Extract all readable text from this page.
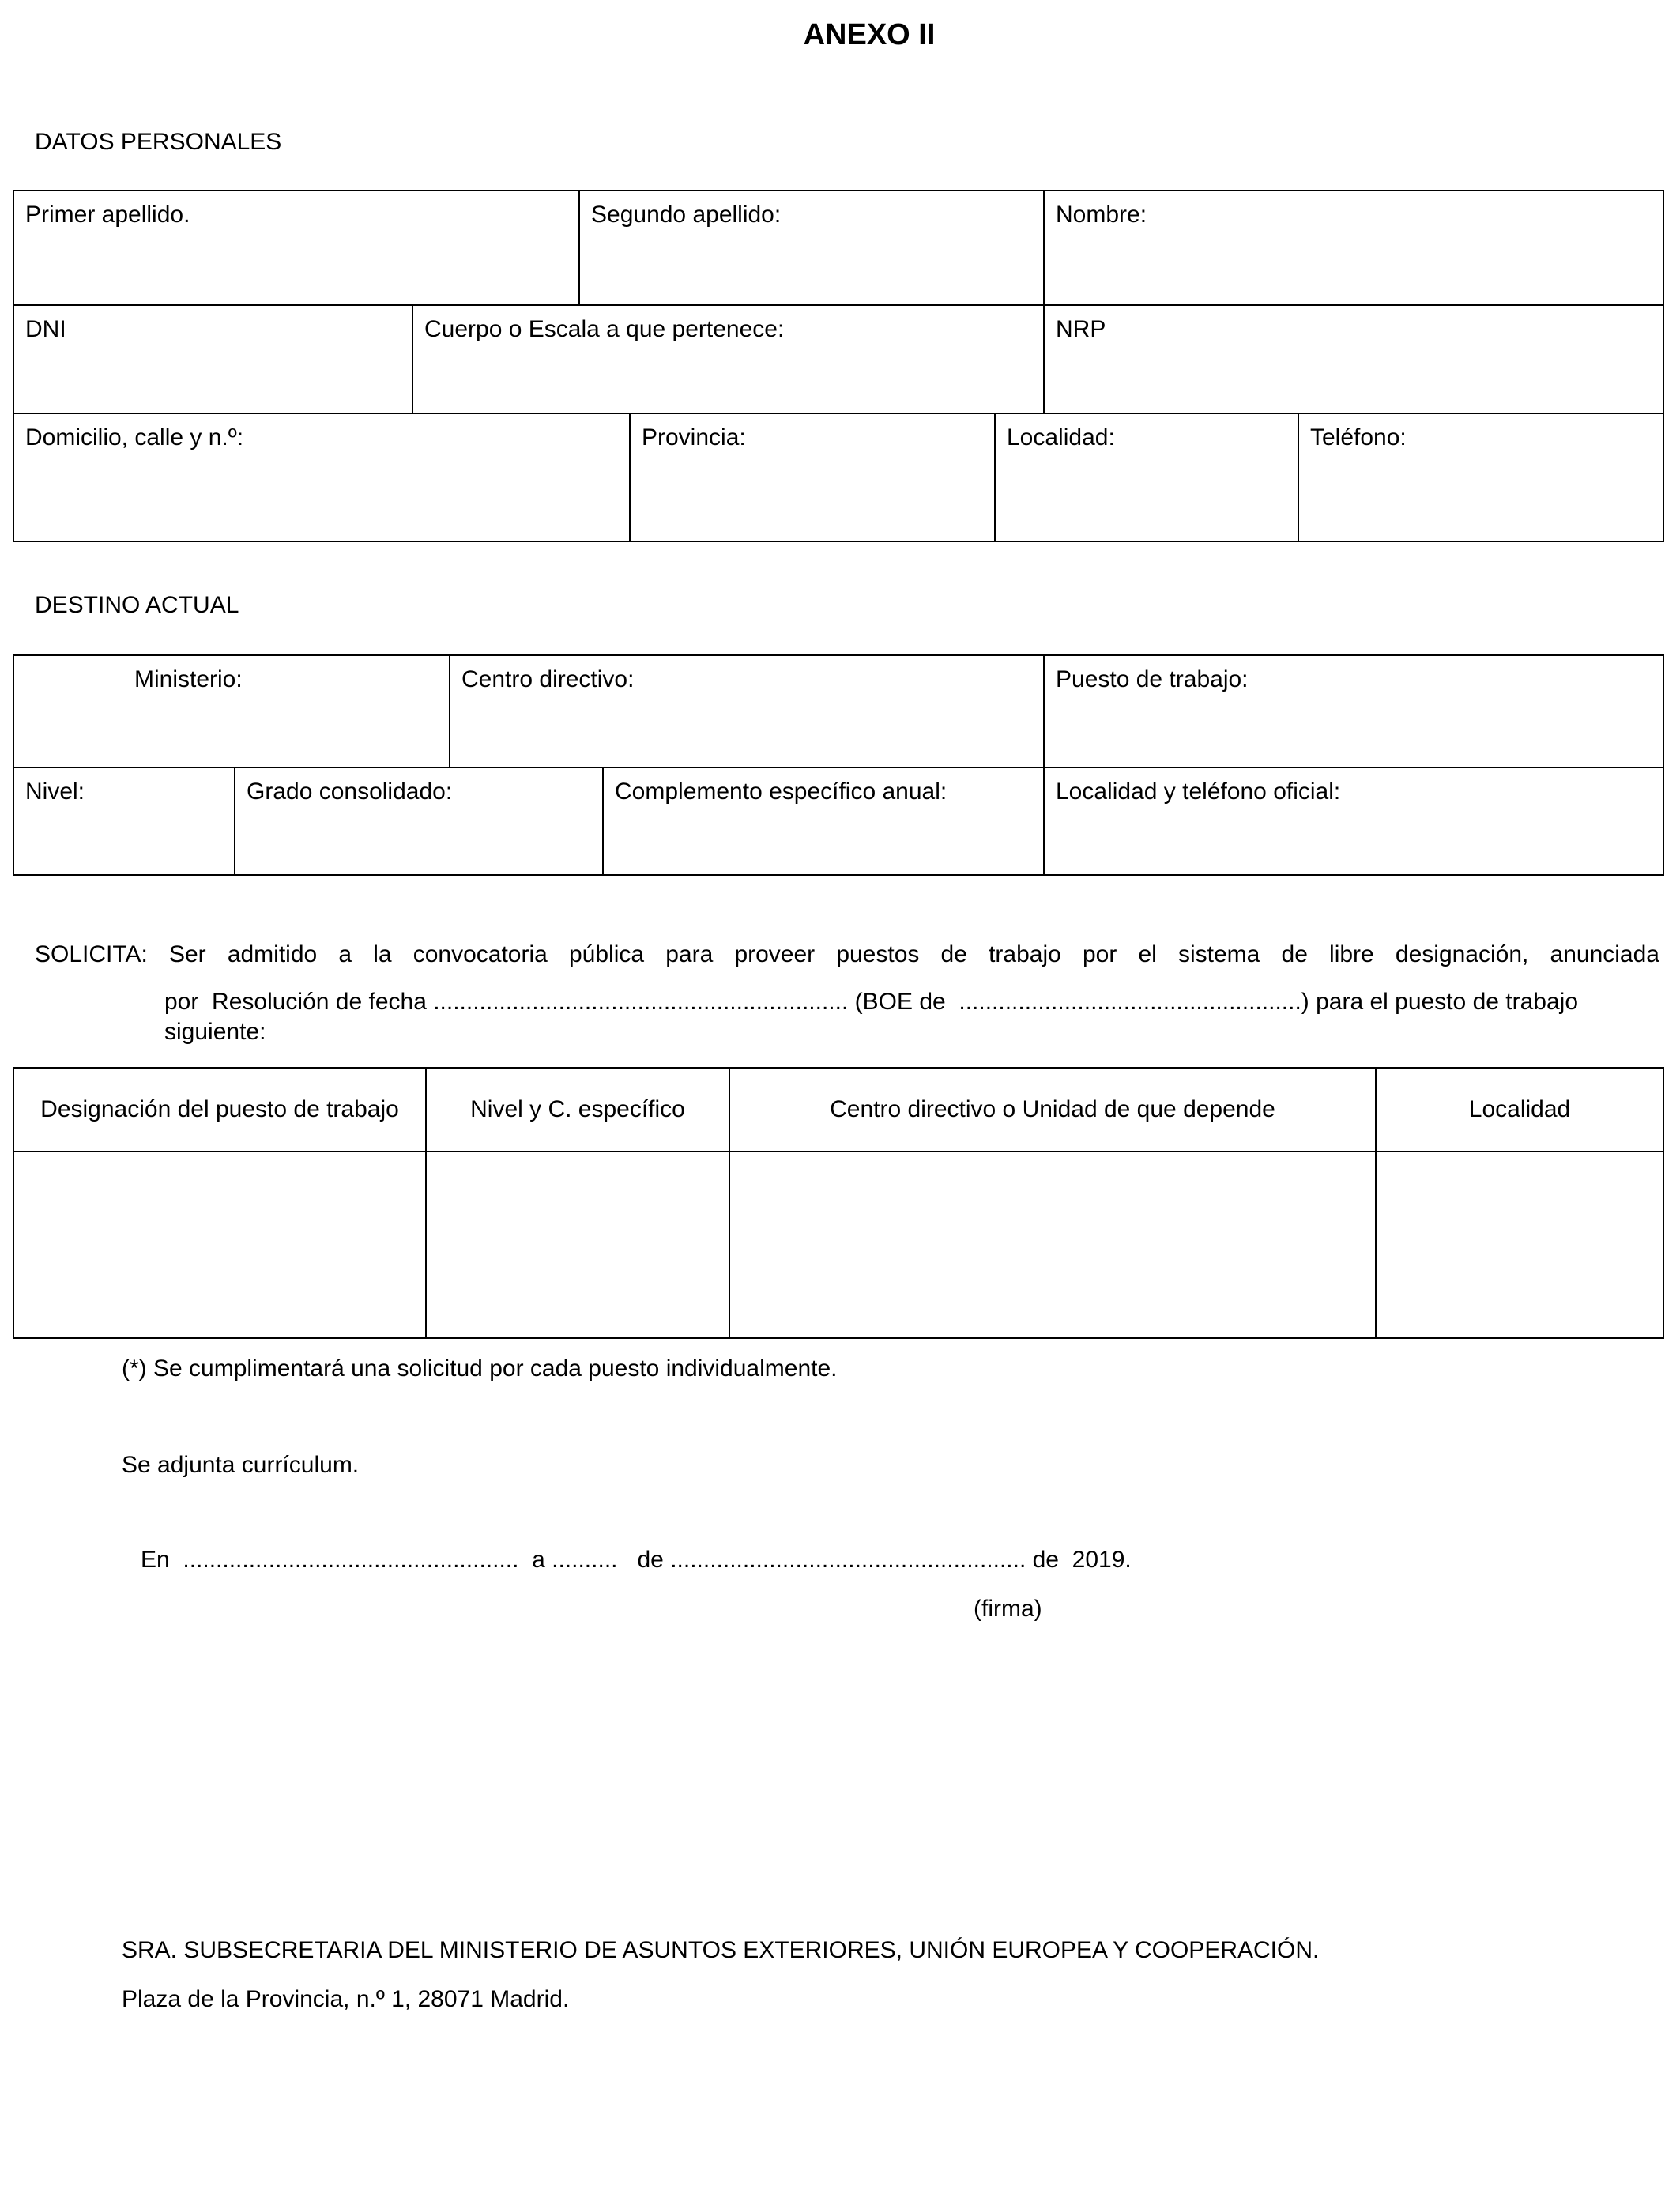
ANEXO II
DATOS PERSONALES
Primer apellido.	Segundo apellido:	Nombre:
DNI	Cuerpo o Escala a que pertenece:	NRP
Domicilio, calle y n.º:	Provincia:	Localidad:	Teléfono:
DESTINO ACTUAL
Ministerio:	Centro directivo:	Puesto de trabajo:
Nivel:	Grado consolidado:	Complemento específico anual:	Localidad y teléfono oficial:
SOLICITA: Ser admitido a la convocatoria pública para proveer puestos de trabajo por el sistema de libre designación, anunciada
por  Resolución de fecha ............................................................... (BOE de  ....................................................) para el puesto de trabajo
siguiente:
Designación del puesto de trabajo	Nivel y C. específico	Centro directivo o Unidad de que depende	Localidad
(*) Se cumplimentará una solicitud por cada puesto individualmente.
Se adjunta currículum.
En  ...................................................  a ..........   de ...................................................... de  2019.
(firma)
SRA. SUBSECRETARIA DEL MINISTERIO DE ASUNTOS EXTERIORES, UNIÓN EUROPEA Y COOPERACIÓN.
Plaza de la Provincia, n.º 1, 28071 Madrid.
